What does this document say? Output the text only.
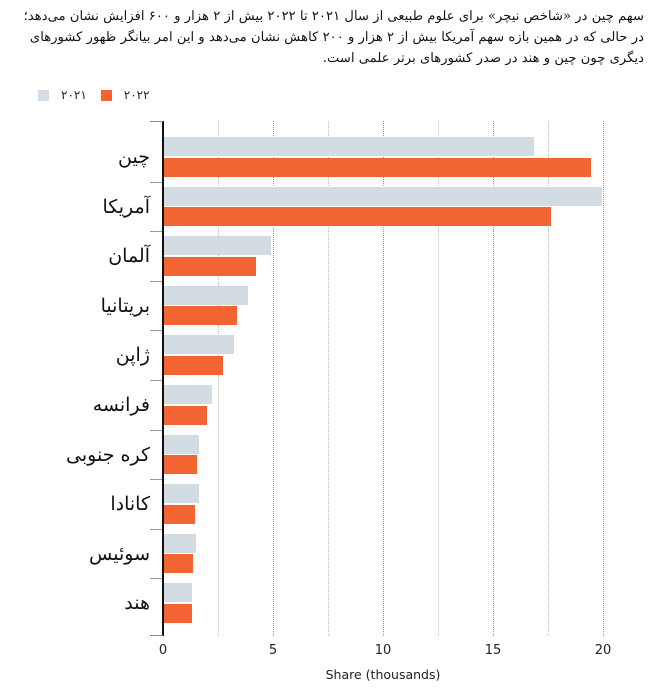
سهم چین در «شاخص نیچر» برای علوم طبیعی از سال ۲۰۲۱ تا ۲۰۲۲ بیش از ۲ هزار و ۶۰۰ افزایش نشان می‌دهد؛ در حالی که در همین بازه سهم آمریکا بیش از ۲ هزار و ۲۰۰ کاهش نشان می‌دهد و این امر بیانگر ظهور کشورهای دیگری چون چین و هند در صدر کشورهای برتر علمی است.
۲۰۲۱	۲۰۲۲
0	5	10	15	20
چین
آمریکا
آلمان
بریتانیا
ژاپن
فرانسه
کره جنوبی
کانادا
سوئیس
هند
Share (thousands)
